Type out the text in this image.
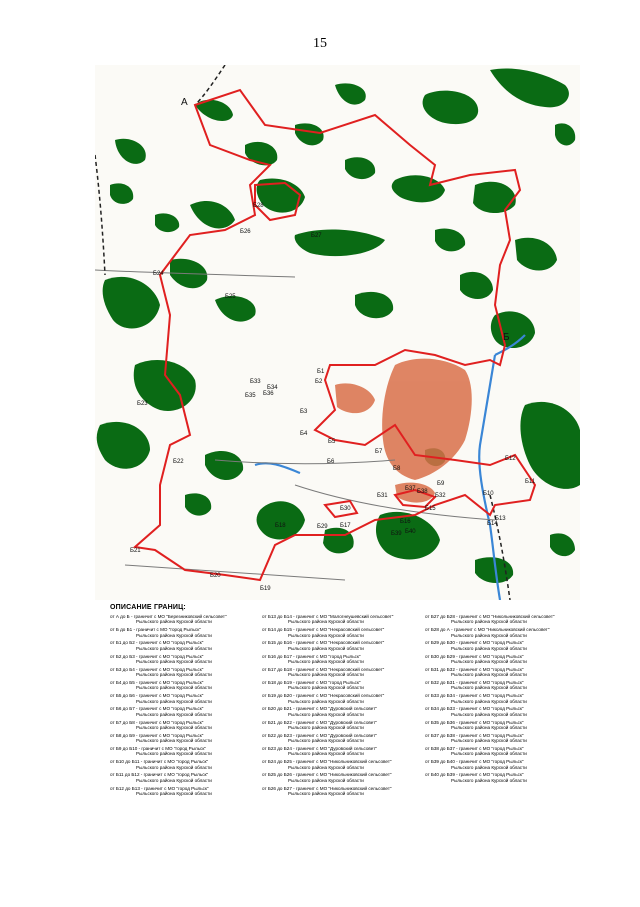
15
А
Б
Б1
Б2
Б3
Б4
Б5
Б6
Б7
Б8
Б9
Б10
Б11
Б12
Б13
Б14
Б15
Б16
Б17
Б18
Б19
Б20
Б21
Б22
Б23
Б24
Б25
Б26
Б27
Б28
Б29
Б30
Б31	Б32
Б33
Б34
Б35 Б36
Б37 Б38
Б39 Б40
ОПИСАНИЕ ГРАНИЦ:
от А до Б - граничит с МО "Березниковский сельсовет"
Рыльского района Курской области
от Б до Б1 - граничит с МО "город Рыльск"
Рыльского района Курской области
от Б1 до Б2 - граничит с МО "город Рыльск"
Рыльского района Курской области
от Б2 до Б3 - граничит с МО "город Рыльск"
Рыльского района Курской области
от Б3 до Б4 - граничит с МО "город Рыльск"
Рыльского района Курской области
от Б4 до Б5 - граничит с МО "город Рыльск"
Рыльского района Курской области
от Б5 до Б6 - граничит с МО "город Рыльск"
Рыльского района Курской области
от Б6 до Б7 - граничит с МО "город Рыльск"
Рыльского района Курской области
от Б7 до Б8 - граничит с МО "город Рыльск"
Рыльского района Курской области
от Б8 до Б9 - граничит с МО "город Рыльск"
Рыльского района Курской области
от Б9 до Б10 - граничит с МО "город Рыльск"
Рыльского района Курской области
от Б10 до Б11 - граничит с МО "город Рыльск"
Рыльского района Курской области
от Б11 до Б12 - граничит с МО "город Рыльск"
Рыльского района Курской области
от Б12 до Б13 - граничит с МО "город Рыльск"
Рыльского района Курской области
от Б13 до Б14 - граничит с МО "Малогнеушевский сельсовет"
Рыльского района Курской области
от Б14 до Б15 - граничит с МО "Некрасовский сельсовет"
Рыльского района Курской области
от Б15 до Б16 - граничит с МО "Некрасовский сельсовет"
Рыльского района Курской области
от Б16 до Б17 - граничит с МО "город Рыльск"
Рыльского района Курской области
от Б17 до Б18 - граничит с МО "Некрасовский сельсовет"
Рыльского района Курской области
от Б18 до Б19 - граничит с МО "город Рыльск"
Рыльского района Курской области
от Б19 до Б20 - граничит с МО "Некрасовский сельсовет"
Рыльского района Курской области
от Б20 до Б21 - граничит с МО "Дуровский сельсовет"
Рыльского района Курской области
от Б21 до Б22 - граничит с МО "Дуровский сельсовет"
Рыльского района Курской области
от Б22 до Б23 - граничит с МО "Дуровский сельсовет"
Рыльского района Курской области
от Б23 до Б24 - граничит с МО "Дуровский сельсовет"
Рыльского района Курской области
от Б24 до Б25 - граничит с МО "Никольниковский сельсовет"
Рыльского района Курской области
от Б25 до Б26 - граничит с МО "Никольниковский сельсовет"
Рыльского района Курской области
от Б26 до Б27 - граничит с МО "Никольниковский сельсовет"
Рыльского района Курской области
от Б27 до Б28 - граничит с МО "Никольниковский сельсовет"
Рыльского района Курской области
от Б28 до А - граничит с МО "Никольниковский сельсовет"
Рыльского района Курской области
от Б29 до Б30 - граничит с МО "город Рыльск"
Рыльского района Курской области
от Б30 до Б29 - граничит с МО "город Рыльск"
Рыльского района Курской области
от Б31 до Б32 - граничит с МО "город Рыльск"
Рыльского района Курской области
от Б32 до Б31 - граничит с МО "город Рыльск"
Рыльского района Курской области
от Б33 до Б34 - граничит с МО "город Рыльск"
Рыльского района Курской области
от Б34 до Б33 - граничит с МО "город Рыльск"
Рыльского района Курской области
от Б35 до Б36 - граничит с МО "город Рыльск"
Рыльского района Курской области
от Б37 до Б38 - граничит с МО "город Рыльск"
Рыльского района Курской области
от Б38 до Б37 - граничит с МО "город Рыльск"
Рыльского района Курской области
от Б39 до Б40 - граничит с МО "город Рыльск"
Рыльского района Курской области
от Б40 до Б39 - граничит с МО "город Рыльск"
Рыльского района Курской области
